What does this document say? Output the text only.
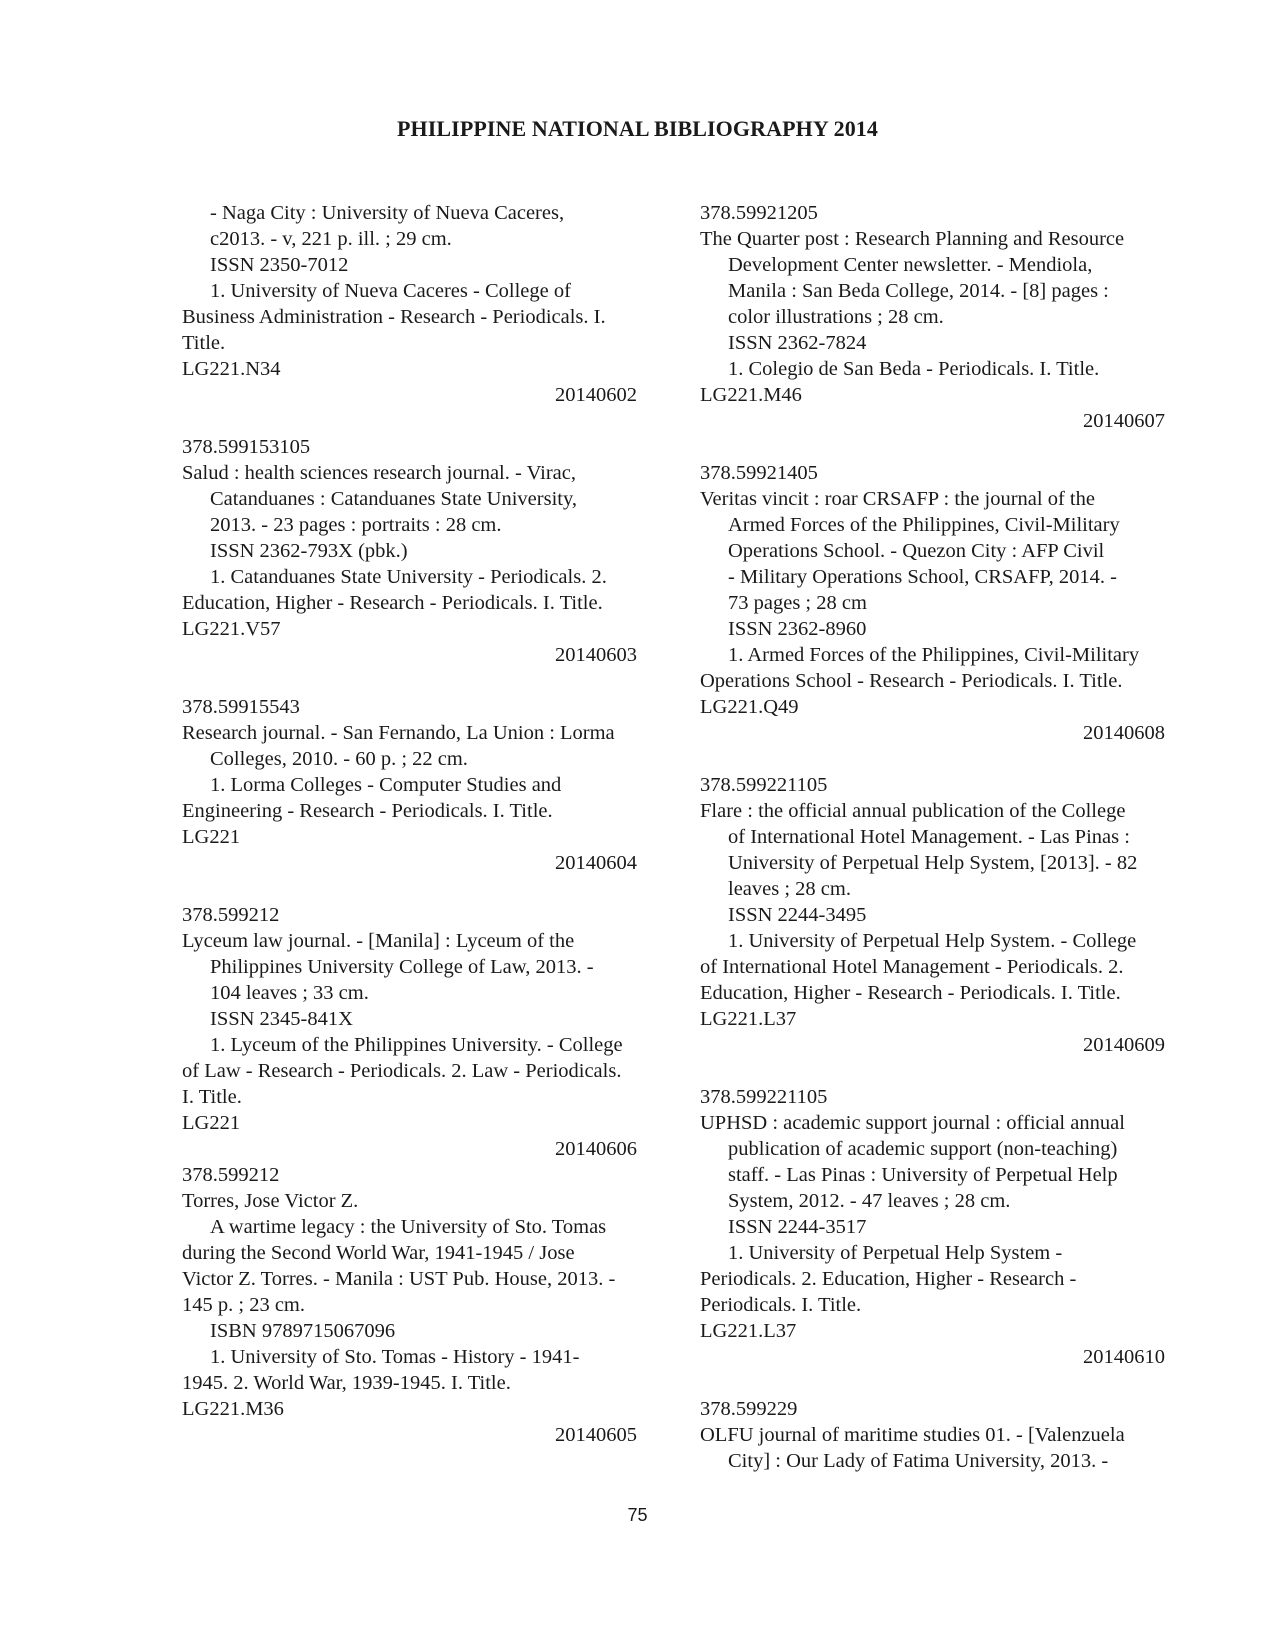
PHILIPPINE NATIONAL BIBLIOGRAPHY 2014
- Naga City : University of Nueva Caceres,
c2013. - v, 221 p. ill. ; 29 cm.
ISSN 2350-7012
1. University of Nueva Caceres - College of
Business Administration - Research - Periodicals. I.
Title.
LG221.N34
20140602
378.599153105
Salud : health sciences research journal. - Virac,
Catanduanes : Catanduanes State University,
2013. - 23 pages : portraits : 28 cm.
ISSN 2362-793X (pbk.)
1. Catanduanes State University - Periodicals. 2.
Education, Higher - Research - Periodicals. I. Title.
LG221.V57
20140603
378.59915543
Research journal. - San Fernando, La Union : Lorma
Colleges, 2010. - 60 p. ; 22 cm.
1. Lorma Colleges - Computer Studies and
Engineering - Research - Periodicals. I. Title.
LG221
20140604
378.599212
Lyceum law journal. - [Manila] : Lyceum of the
Philippines University College of Law, 2013. -
104 leaves ; 33 cm.
ISSN 2345-841X
1. Lyceum of the Philippines University. - College
of Law - Research - Periodicals. 2. Law - Periodicals.
I. Title.
LG221
20140606
378.599212
Torres, Jose Victor Z.
A wartime legacy : the University of Sto. Tomas
during the Second World War, 1941-1945 / Jose
Victor Z. Torres. - Manila : UST Pub. House, 2013. -
145 p. ; 23 cm.
ISBN 9789715067096
1. University of Sto. Tomas - History - 1941-
1945. 2. World War, 1939-1945. I. Title.
LG221.M36
20140605
378.59921205
The Quarter post : Research Planning and Resource
Development Center newsletter. - Mendiola,
Manila : San Beda College, 2014. - [8] pages :
color illustrations ; 28 cm.
ISSN 2362-7824
1. Colegio de San Beda - Periodicals. I. Title.
LG221.M46
20140607
378.59921405
Veritas vincit : roar CRSAFP : the journal of the
Armed Forces of the Philippines, Civil-Military
Operations School. - Quezon City : AFP Civil
- Military Operations School, CRSAFP, 2014. -
73 pages ; 28 cm
ISSN 2362-8960
1. Armed Forces of the Philippines, Civil-Military
Operations School - Research - Periodicals. I. Title.
LG221.Q49
20140608
378.599221105
Flare : the official annual publication of the College
of International Hotel Management. - Las Pinas :
University of Perpetual Help System, [2013]. - 82
leaves ; 28 cm.
ISSN 2244-3495
1. University of Perpetual Help System. - College
of International Hotel Management - Periodicals. 2.
Education, Higher - Research - Periodicals. I. Title.
LG221.L37
20140609
378.599221105
UPHSD : academic support journal : official annual
publication of academic support (non-teaching)
staff. - Las Pinas : University of Perpetual Help
System, 2012. - 47 leaves ; 28 cm.
ISSN 2244-3517
1. University of Perpetual Help System -
Periodicals. 2. Education, Higher - Research -
Periodicals. I. Title.
LG221.L37
20140610
378.599229
OLFU journal of maritime studies 01. - [Valenzuela
City] : Our Lady of Fatima University, 2013. -
75
